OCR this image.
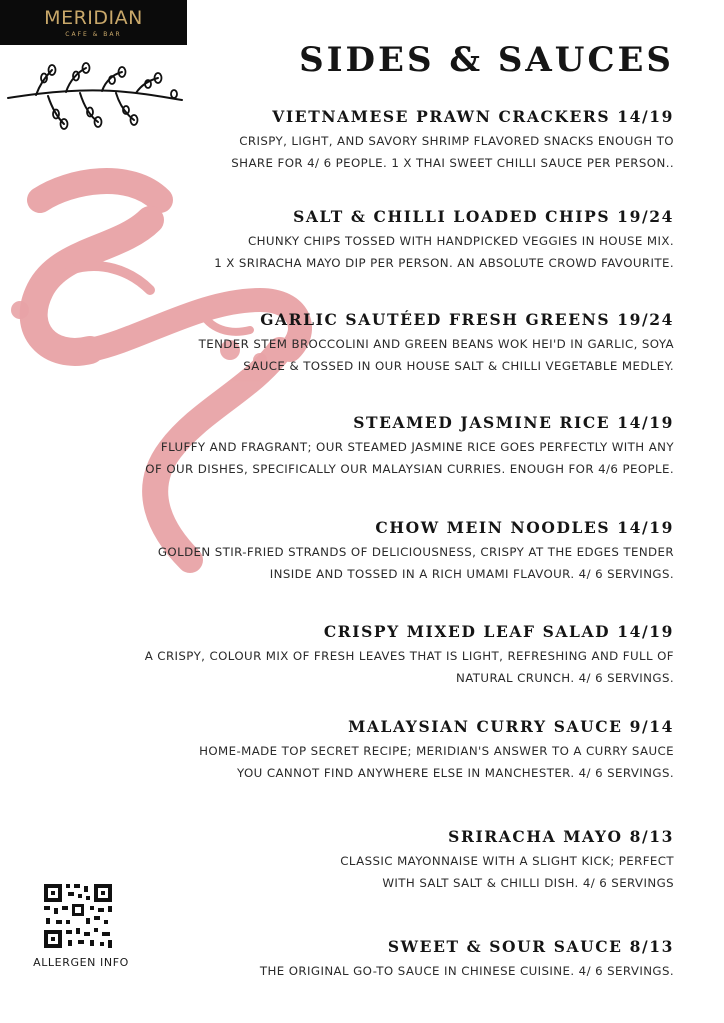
MERIDIAN
CAFE & BAR
SIDES & SAUCES
VIETNAMESE PRAWN CRACKERS 14/19
CRISPY, LIGHT, AND SAVORY SHRIMP FLAVORED SNACKS ENOUGH TO
SHARE FOR 4/ 6 PEOPLE. 1 X THAI SWEET CHILLI SAUCE PER PERSON..
SALT & CHILLI LOADED CHIPS 19/24
CHUNKY CHIPS TOSSED WITH HANDPICKED VEGGIES IN HOUSE MIX.
1 X SRIRACHA MAYO DIP PER PERSON. AN ABSOLUTE CROWD FAVOURITE.
GARLIC SAUTÉED FRESH GREENS 19/24
TENDER STEM BROCCOLINI AND GREEN BEANS WOK HEI'D IN GARLIC, SOYA
SAUCE & TOSSED IN OUR HOUSE SALT & CHILLI VEGETABLE MEDLEY.
STEAMED JASMINE RICE 14/19
FLUFFY AND FRAGRANT; OUR STEAMED JASMINE RICE GOES PERFECTLY WITH ANY
OF OUR DISHES, SPECIFICALLY OUR MALAYSIAN CURRIES. ENOUGH FOR 4/6 PEOPLE.
CHOW MEIN NOODLES 14/19
GOLDEN STIR-FRIED STRANDS OF DELICIOUSNESS, CRISPY AT THE EDGES TENDER
INSIDE AND TOSSED IN A RICH UMAMI FLAVOUR. 4/ 6 SERVINGS.
CRISPY MIXED LEAF SALAD 14/19
A CRISPY, COLOUR MIX OF FRESH LEAVES THAT IS LIGHT, REFRESHING AND FULL OF
NATURAL CRUNCH. 4/ 6 SERVINGS.
MALAYSIAN CURRY SAUCE 9/14
HOME-MADE TOP SECRET RECIPE; MERIDIAN'S ANSWER TO A CURRY SAUCE
YOU CANNOT FIND ANYWHERE ELSE IN MANCHESTER. 4/ 6 SERVINGS.
SRIRACHA MAYO 8/13
CLASSIC MAYONNAISE WITH A SLIGHT KICK; PERFECT
WITH SALT SALT & CHILLI DISH. 4/ 6 SERVINGS
SWEET & SOUR SAUCE 8/13
THE ORIGINAL GO-TO SAUCE IN CHINESE CUISINE. 4/ 6 SERVINGS.
ALLERGEN INFO
